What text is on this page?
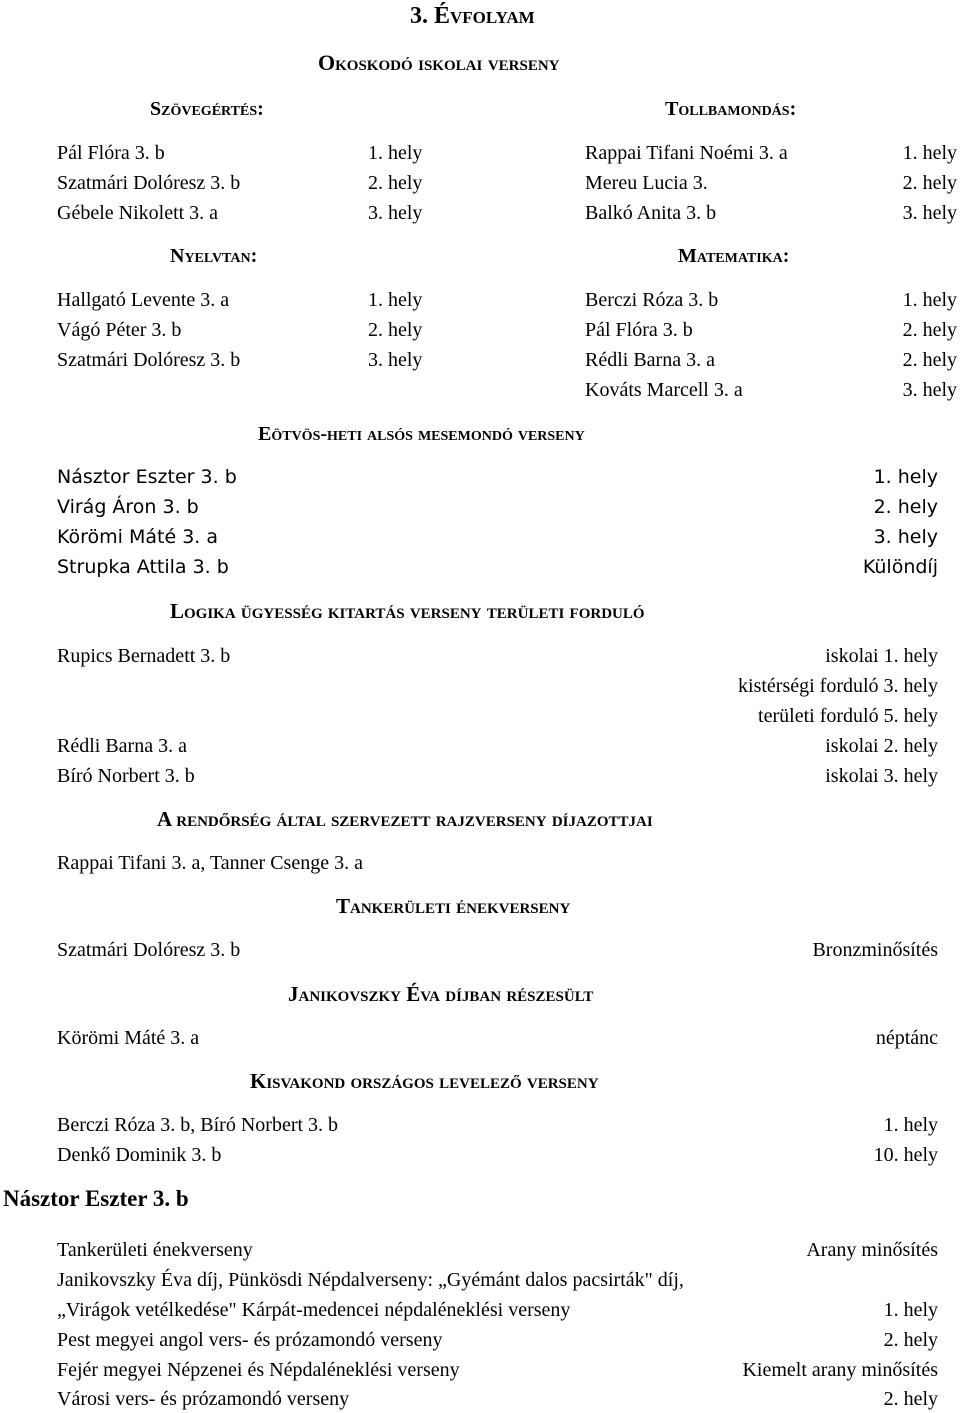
3. Évfolyam
Okoskodó iskolai verseny
Szövegértés:
Pál Flóra 3. b	1. hely
Szatmári Dolóresz 3. b	2. hely
Gébele Nikolett 3. a	3. hely
Tollbamondás:
Rappai Tifani Noémi 3. a	1. hely
Mereu Lucia 3.	2. hely
Balkó Anita 3. b	3. hely
Nyelvtan:
Hallgató Levente 3. a	1. hely
Vágó Péter 3. b	2. hely
Szatmári Dolóresz 3. b	3. hely
Matematika:
Berczi Róza 3. b	1. hely
Pál Flóra 3. b	2. hely
Rédli Barna 3. a	2. hely
Kováts Marcell 3. a	3. hely
Eötvös-heti alsós mesemondó verseny
Násztor Eszter 3. b	1. hely
Virág Áron 3. b	2. hely
Körömi Máté 3. a	3. hely
Strupka Attila 3. b	Különdíj
Logika ügyesség kitartás verseny területi forduló
Rupics Bernadett 3. b	iskolai 1. hely
kistérségi forduló 3. hely
területi forduló 5. hely
Rédli Barna 3. a	iskolai 2. hely
Bíró Norbert 3. b	iskolai 3. hely
A rendőrség által szervezett rajzverseny díjazottjai
Rappai Tifani 3. a, Tanner Csenge 3. a
Tankerületi énekverseny
Szatmári Dolóresz 3. b	Bronzminősítés
Janikovszky Éva díjban részesült
Körömi Máté 3. a	néptánc
Kisvakond országos levelező verseny
Berczi Róza 3. b, Bíró Norbert 3. b	1. hely
Denkő Dominik 3. b	10. hely
Násztor Eszter 3. b
Tankerületi énekverseny	Arany minősítés
Janikovszky Éva díj, Pünkösdi Népdalverseny: „Gyémánt dalos pacsirták" díj,
„Virágok vetélkedése" Kárpát-medencei népdaléneklési verseny	1. hely
Pest megyei angol vers- és prózamondó verseny	2. hely
Fejér megyei Népzenei és Népdaléneklési verseny	Kiemelt arany minősítés
Városi vers- és prózamondó verseny	2. hely
